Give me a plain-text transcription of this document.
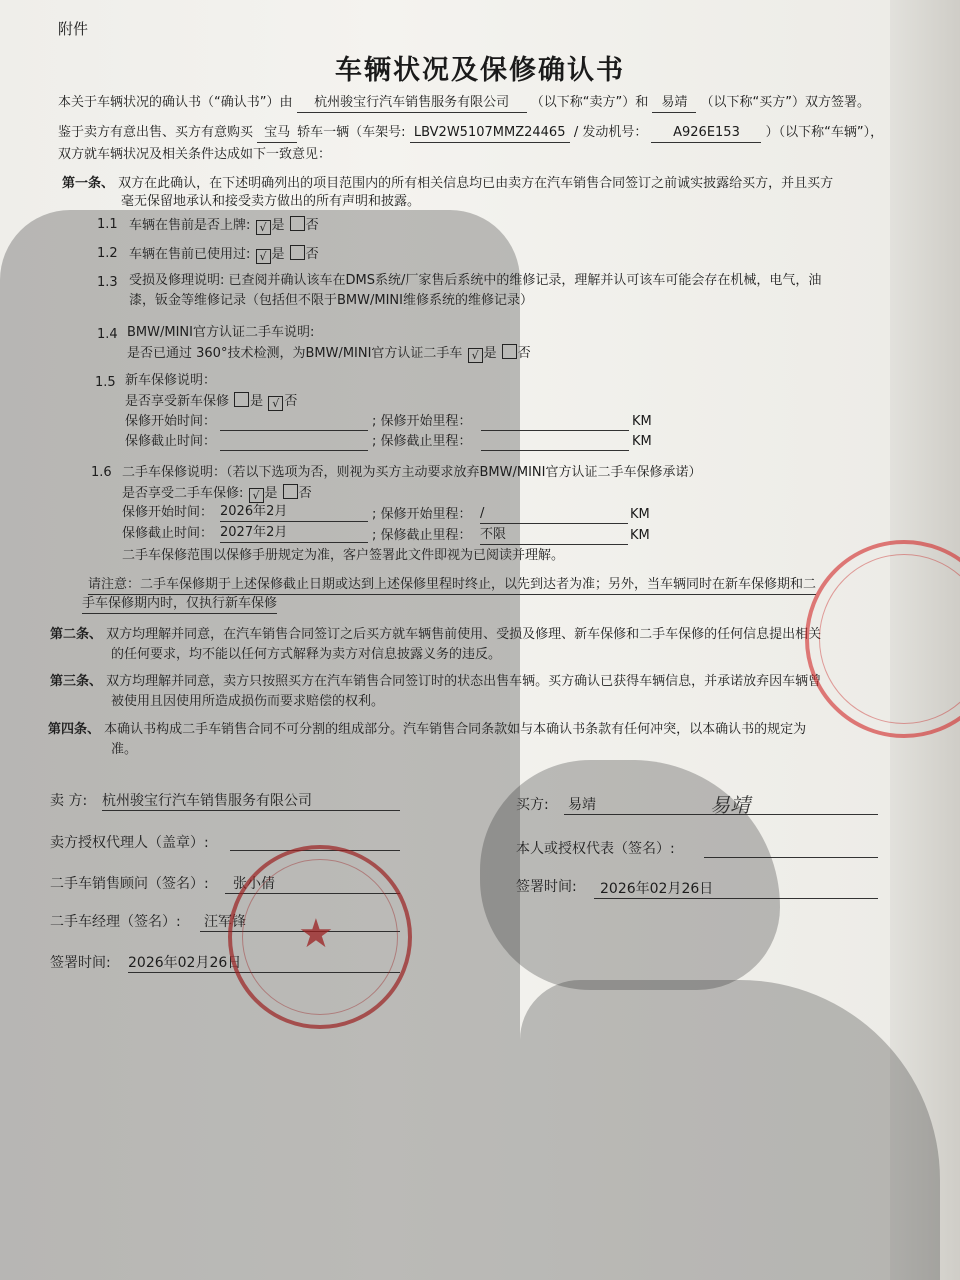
附件
车辆状况及保修确认书
本关于车辆状况的确认书（“确认书”）由 杭州骏宝行汽车销售服务有限公司 （以下称“卖方”）和 易靖 （以下称“买方”）双方签署。
鉴于卖方有意出售、买方有意购买 宝马 轿车一辆（车架号: LBV2W5107MMZ24465 / 发动机号： A926E153 ）（以下称“车辆”），
双方就车辆状况及相关条件达成如下一致意见：
第一条、 双方在此确认，在下述明确列出的项目范围内的所有相关信息均已由卖方在汽车销售合同签订之前诚实披露给买方，并且买方
毫无保留地承认和接受卖方做出的所有声明和披露。
1.1 车辆在售前是否上牌: √ 是 否
1.2 车辆在售前已使用过: √ 是 否
1.3 受损及修理说明: 已查阅并确认该车在DMS系统/厂家售后系统中的维修记录，理解并认可该车可能会存在机械，电气，油
漆，钣金等维修记录（包括但不限于BMW/MINI维修系统的维修记录）
1.4 BMW/MINI官方认证二手车说明:
是否已通过 360°技术检测，为BMW/MINI官方认证二手车 √ 是 否
1.5 新车保修说明：
是否享受新车保修 是 √ 否
保修开始时间：	; 保修开始里程：	KM
保修截止时间：	; 保修截止里程：	KM
1.6 二手车保修说明：（若以下选项为否，则视为买方主动要求放弃BMW/MINI官方认证二手车保修承诺）
是否享受二手车保修: √ 是 否
保修开始时间： 2026年2月	; 保修开始里程： /	KM
保修截止时间： 2027年2月	; 保修截止里程： 不限	KM
二手车保修范围以保修手册规定为准，客户签署此文件即视为已阅读并理解。
请注意：二手车保修期于上述保修截止日期或达到上述保修里程时终止，以先到达者为准；另外，当车辆同时在新车保修期和二
手车保修期内时，仅执行新车保修
第二条、 双方均理解并同意，在汽车销售合同签订之后买方就车辆售前使用、受损及修理、新车保修和二手车保修的任何信息提出相关
的任何要求，均不能以任何方式解释为卖方对信息披露义务的违反。
第三条、 双方均理解并同意，卖方只按照买方在汽车销售合同签订时的状态出售车辆。买方确认已获得车辆信息，并承诺放弃因车辆曾
被使用且因使用所造成损伤而要求赔偿的权利。
第四条、 本确认书构成二手车销售合同不可分割的组成部分。汽车销售合同条款如与本确认书条款有任何冲突，以本确认书的规定为
准。
卖 方: 杭州骏宝行汽车销售服务有限公司
卖方授权代理人（盖章）:
二手车销售顾问（签名）:	张小倩
二手车经理（签名）: 汪军锋
签署时间: 2026年02月26日
买方: 易靖	易靖
本人或授权代表（签名）:
签署时间:	2026年02月26日
★
